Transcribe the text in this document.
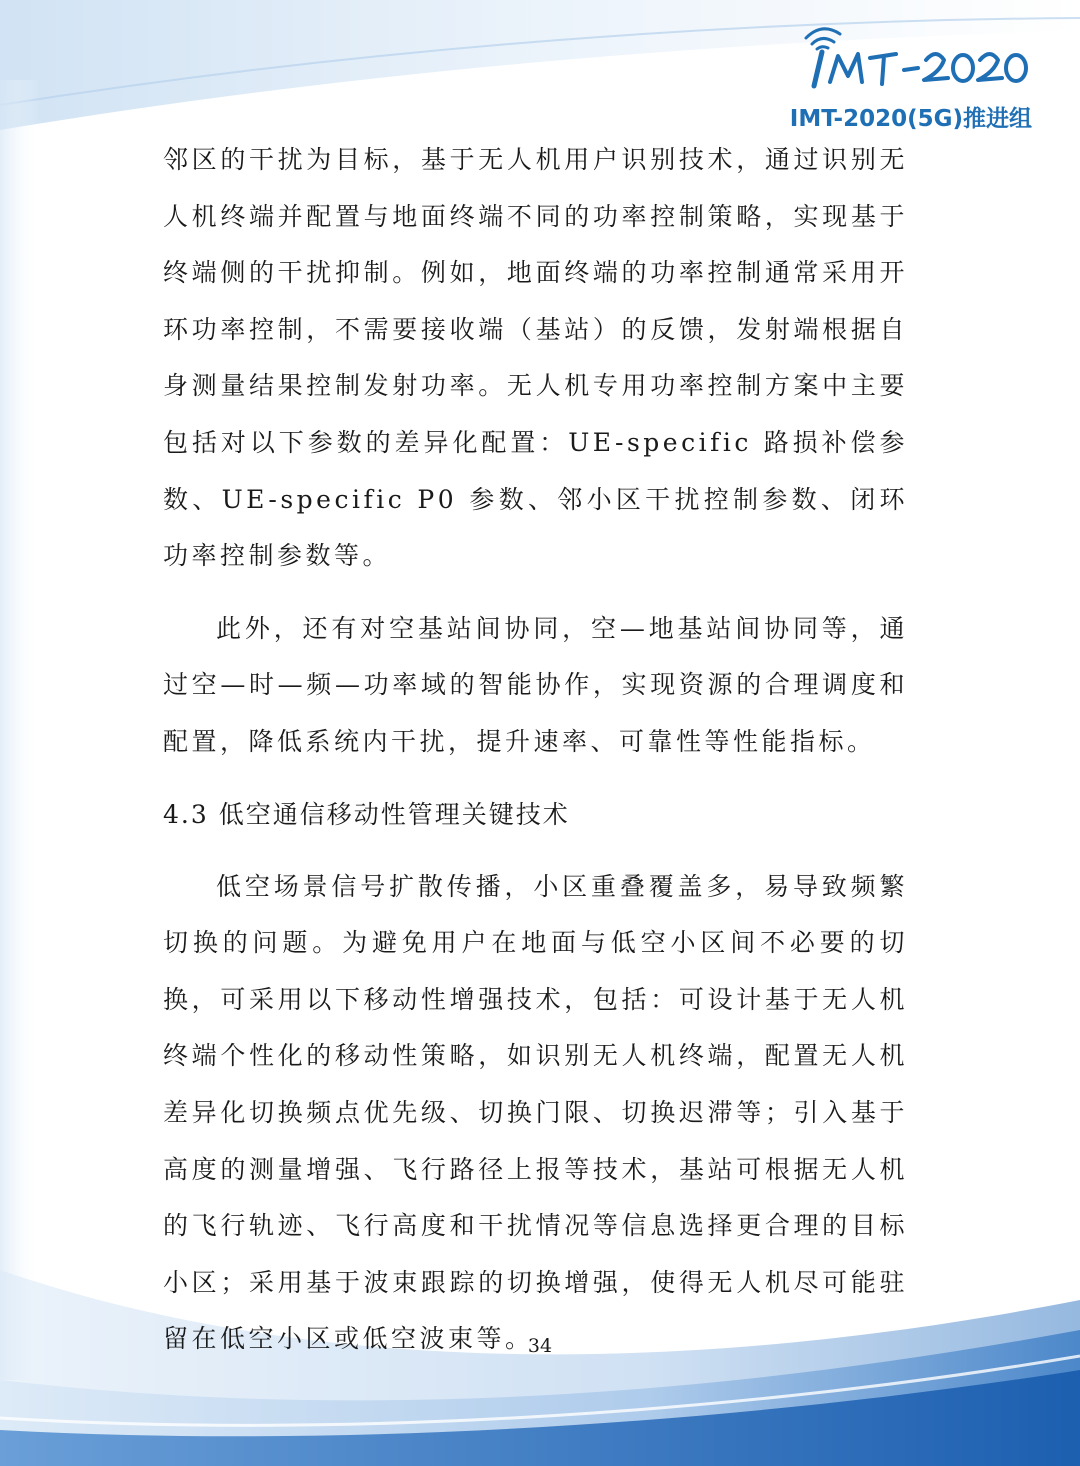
IMT-2020(5G)推进组

邻区的干扰为目标，基于无人机用户识别技术，通过识别无人机终端并配置与地面终端不同的功率控制策略，实现基于终端侧的干扰抑制。例如，地面终端的功率控制通常采用开环功率控制，不需要接收端（基站）的反馈，发射端根据自身测量结果控制发射功率。无人机专用功率控制方案中主要包括对以下参数的差异化配置：UE-specific 路损补偿参数、UE-specific P0 参数、邻小区干扰控制参数、闭环功率控制参数等。

此外，还有对空基站间协同，空—地基站间协同等，通过空—时—频—功率域的智能协作，实现资源的合理调度和配置，降低系统内干扰，提升速率、可靠性等性能指标。

4.3 低空通信移动性管理关键技术

低空场景信号扩散传播，小区重叠覆盖多，易导致频繁切换的问题。为避免用户在地面与低空小区间不必要的切换，可采用以下移动性增强技术，包括：可设计基于无人机终端个性化的移动性策略，如识别无人机终端，配置无人机差异化切换频点优先级、切换门限、切换迟滞等；引入基于高度的测量增强、飞行路径上报等技术，基站可根据无人机的飞行轨迹、飞行高度和干扰情况等信息选择更合理的目标小区；采用基于波束跟踪的切换增强，使得无人机尽可能驻留在低空小区或低空波束等。

34
